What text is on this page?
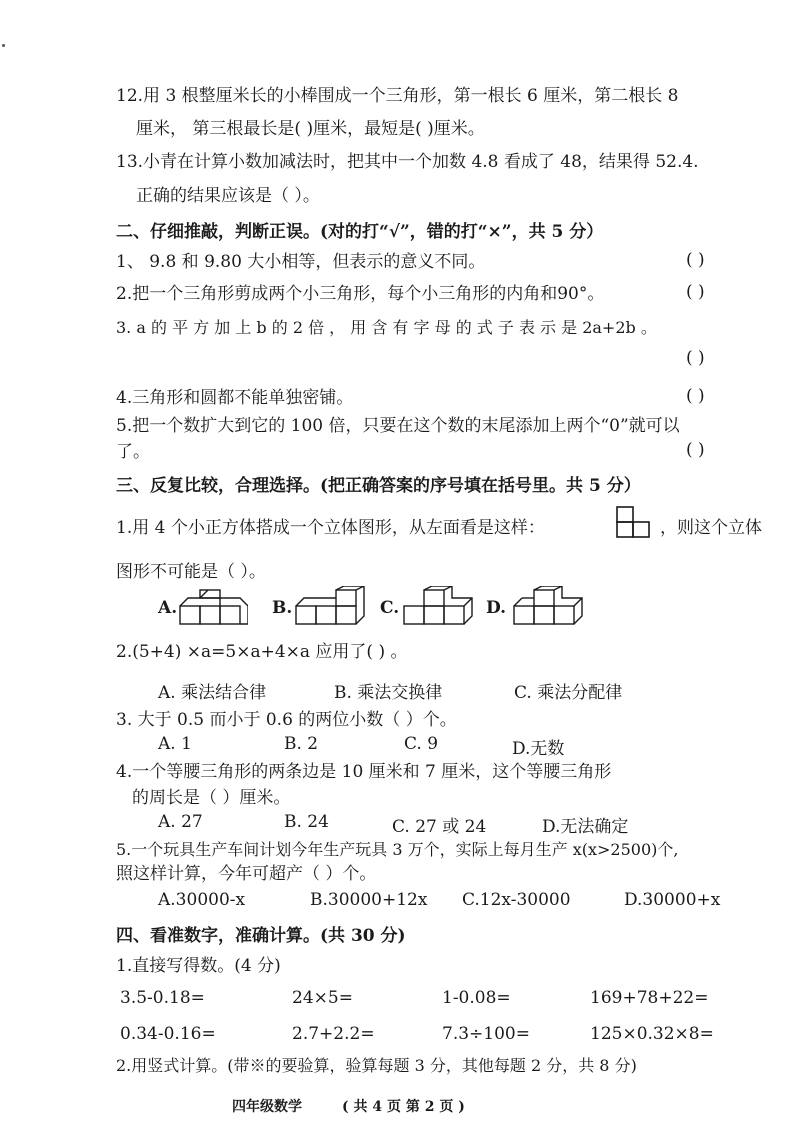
12.用 3 根整厘米长的小棒围成一个三角形，第一根长 6 厘米，第二根长 8
厘米， 第三根最长是( )厘米，最短是( )厘米。
13.小青在计算小数加减法时，把其中一个加数 4.8 看成了 48，结果得 52.4.
正确的结果应该是（ ）。
二、仔细推敲，判断正误。(对的打“√”，错的打“×”，共 5 分）
1、 9.8 和 9.80 大小相等，但表示的意义不同。	( )
2.把一个三角形剪成两个小三角形，每个小三角形的内角和90°。	( )
3. a 的 平 方 加 上 b 的 2 倍 ， 用 含 有 字 母 的 式 子 表 示 是 2a+2b 。
( )
4.三角形和圆都不能单独密铺。	( )
5.把一个数扩大到它的 100 倍，只要在这个数的末尾添加上两个“0”就可以
了。	( )
三、反复比较，合理选择。(把正确答案的序号填在括号里。共 5 分）
1.用 4 个小正方体搭成一个立体图形，从左面看是这样：	，则这个立体
图形不可能是（ ）。
A.	B.	C.	D.
2.(5+4) ×a=5×a+4×a 应用了( ) 。
A. 乘法结合律	B. 乘法交换律	C. 乘法分配律
3. 大于 0.5 而小于 0.6 的两位小数（ ）个。
A. 1	B. 2	C. 9	D.无数
4.一个等腰三角形的两条边是 10 厘米和 7 厘米，这个等腰三角形
的周长是（ ）厘米。
A. 27	B. 24	C. 27 或 24	D.无法确定
5.一个玩具生产车间计划今年生产玩具 3 万个，实际上每月生产 x(x>2500)个,
照这样计算，今年可超产（ ）个。
A.30000-x	B.30000+12x C.12x-30000	D.30000+x
四、看准数字，准确计算。(共 30 分)
1.直接写得数。(4 分)
3.5-0.18=	24×5=	1-0.08=	169+78+22=
0.34-0.16=	2.7+2.2=	7.3÷100=	125×0.32×8=
2.用竖式计算。(带※的要验算，验算每题 3 分，其他每题 2 分，共 8 分)
四年级数学	( 共 4 页 第 2 页 )
